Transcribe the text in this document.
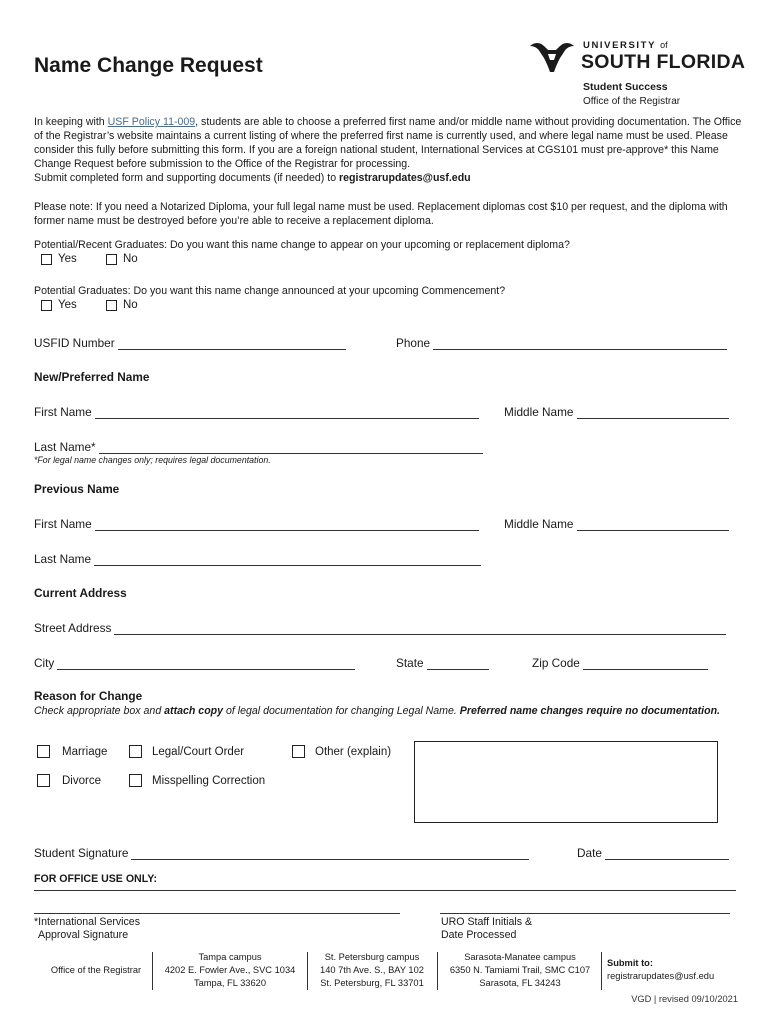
Name Change Request
UNIVERSITY of
SOUTH FLORIDA
Student Success
Office of the Registrar
In keeping with USF Policy 11-009, students are able to choose a preferred first name and/or middle name without providing documentation. The Office of the Registrar’s website maintains a current listing of where the preferred first name is currently used, and where legal name must be used. Please consider this fully before submitting this form. If you are a foreign national student, International Services at CGS101 must pre-approve* this Name Change Request before submission to the Office of the Registrar for processing.
Submit completed form and supporting documents (if needed) to registrarupdates@usf.edu
Please note: If you need a Notarized Diploma, your full legal name must be used. Replacement diplomas cost $10 per request, and the diploma with former name must be destroyed before you’re able to receive a replacement diploma.
Potential/Recent Graduates: Do you want this name change to appear on your upcoming or replacement diploma?
Yes	No
Potential Graduates: Do you want this name change announced at your upcoming Commencement?
Yes	No
USFID Number	Phone
New/Preferred Name
First Name	Middle Name
Last Name*
*For legal name changes only; requires legal documentation.
Previous Name
First Name	Middle Name
Last Name
Current Address
Street Address
City	State	Zip Code
Reason for Change
Check appropriate box and attach copy of legal documentation for changing Legal Name. Preferred name changes require no documentation.
Marriage	Legal/Court Order	Other (explain)
Divorce	Misspelling Correction
Student Signature	Date
FOR OFFICE USE ONLY:
*International Services
Approval Signature
URO Staff Initials &
Date Processed
Office of the Registrar
Tampa campus
4202 E. Fowler Ave., SVC 1034
Tampa, FL 33620
St. Petersburg campus
140 7th Ave. S., BAY 102
St. Petersburg, FL 33701
Sarasota-Manatee campus
6350 N. Tamiami Trail, SMC C107
Sarasota, FL 34243
Submit to:
registrarupdates@usf.edu
VGD | revised 09/10/2021
